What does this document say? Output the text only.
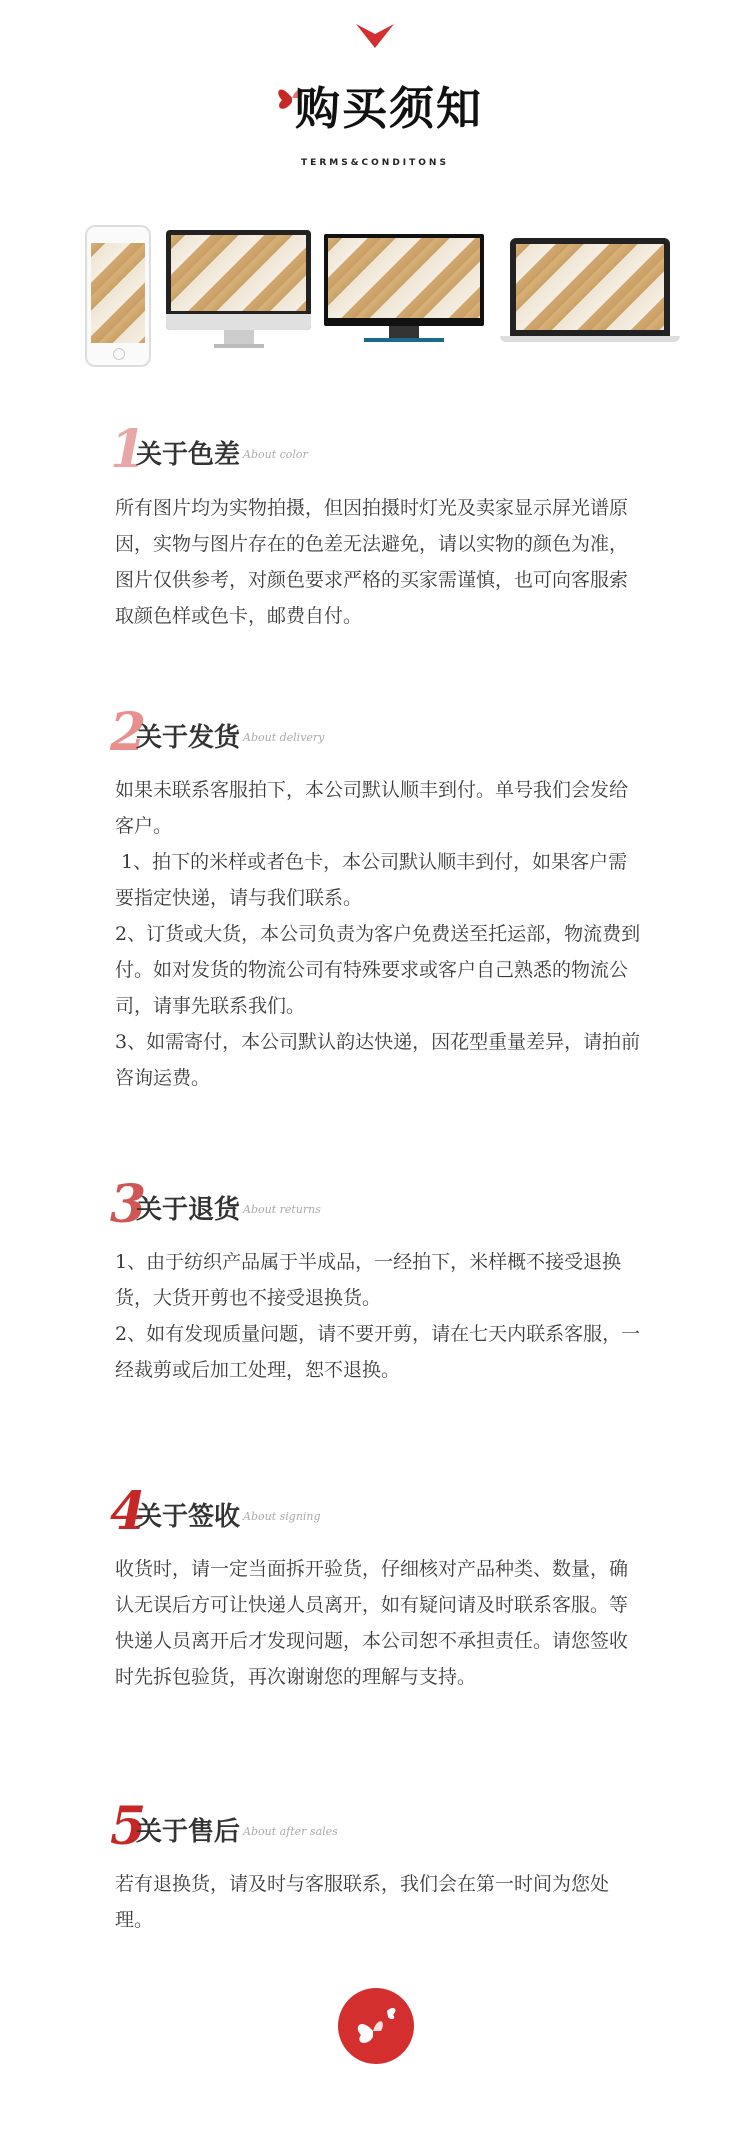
购买须知
TERMS&CONDITONS
1
关于色差 About color

所有图片均为实物拍摄，但因拍摄时灯光及卖家显示屏光谱原因，实物与图片存在的色差无法避免，请以实物的颜色为准，图片仅供参考，对颜色要求严格的买家需谨慎，也可向客服索取颜色样或色卡，邮费自付。

2
关于发货 About delivery

如果未联系客服拍下，本公司默认顺丰到付。单号我们会发给客户。

1、拍下的米样或者色卡，本公司默认顺丰到付，如果客户需要指定快递，请与我们联系。

2、订货或大货，本公司负责为客户免费送至托运部，物流费到付。如对发货的物流公司有特殊要求或客户自己熟悉的物流公司，请事先联系我们。

3、如需寄付，本公司默认韵达快递，因花型重量差异，请拍前咨询运费。

3
关于退货 About returns

1、由于纺织产品属于半成品，一经拍下，米样概不接受退换货，大货开剪也不接受退换货。

2、如有发现质量问题，请不要开剪，请在七天内联系客服，一经裁剪或后加工处理，恕不退换。

4
关于签收 About signing

收货时，请一定当面拆开验货，仔细核对产品种类、数量，确认无误后方可让快递人员离开，如有疑问请及时联系客服。等快递人员离开后才发现问题，本公司恕不承担责任。请您签收时先拆包验货，再次谢谢您的理解与支持。

5
关于售后 About after sales

若有退换货，请及时与客服联系，我们会在第一时间为您处理。
